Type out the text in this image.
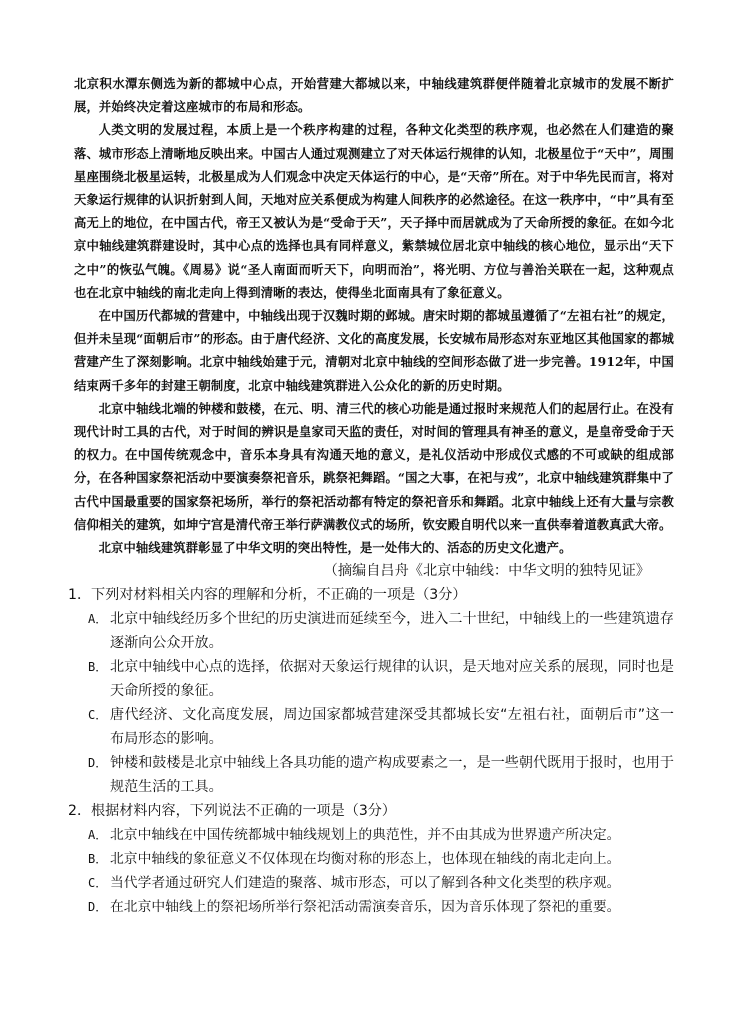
北京积水潭东侧选为新的都城中心点，开始营建大都城以来，中轴线建筑群便伴随着北京城市的发展不断扩展，并始终决定着这座城市的布局和形态。

人类文明的发展过程，本质上是一个秩序构建的过程，各种文化类型的秩序观，也必然在人们建造的聚落、城市形态上清晰地反映出来。中国古人通过观测建立了对天体运行规律的认知，北极星位于“天中”，周围星座围绕北极星运转，北极星成为人们观念中决定天体运行的中心，是“天帝”所在。对于中华先民而言，将对天象运行规律的认识折射到人间，天地对应关系便成为构建人间秩序的必然途径。在这一秩序中，“中”具有至高无上的地位，在中国古代，帝王又被认为是“受命于天”，天子择中而居就成为了天命所授的象征。在如今北京中轴线建筑群建设时，其中心点的选择也具有同样意义，紫禁城位居北京中轴线的核心地位，显示出“天下之中”的恢弘气魄。《周易》说“圣人南面而听天下，向明而治”，将光明、方位与善治关联在一起，这种观点也在北京中轴线的南北走向上得到清晰的表达，使得坐北面南具有了象征意义。

在中国历代都城的营建中，中轴线出现于汉魏时期的邺城。唐宋时期的都城虽遵循了“左祖右社”的规定，但并未呈现“面朝后市”的形态。由于唐代经济、文化的高度发展，长安城布局形态对东亚地区其他国家的都城营建产生了深刻影响。北京中轴线始建于元，清朝对北京中轴线的空间形态做了进一步完善。1912年，中国结束两千多年的封建王朝制度，北京中轴线建筑群进入公众化的新的历史时期。

北京中轴线北端的钟楼和鼓楼，在元、明、清三代的核心功能是通过报时来规范人们的起居行止。在没有现代计时工具的古代，对于时间的辨识是皇家司天监的责任，对时间的管理具有神圣的意义，是皇帝受命于天的权力。在中国传统观念中，音乐本身具有沟通天地的意义，是礼仪活动中形成仪式感的不可或缺的组成部分，在各种国家祭祀活动中要演奏祭祀音乐，跳祭祀舞蹈。“国之大事，在祀与戎”，北京中轴线建筑群集中了古代中国最重要的国家祭祀场所，举行的祭祀活动都有特定的祭祀音乐和舞蹈。北京中轴线上还有大量与宗教信仰相关的建筑，如坤宁宫是清代帝王举行萨满教仪式的场所，钦安殿自明代以来一直供奉着道教真武大帝。

北京中轴线建筑群彰显了中华文明的突出特性，是一处伟大的、活态的历史文化遗产。

（摘编自吕舟《北京中轴线：中华文明的独特见证》
1．下列对材料相关内容的理解和分析，不正确的一项是（3分）
A． 北京中轴线经历多个世纪的历史演进而延续至今，进入二十世纪，中轴线上的一些建筑遗存逐渐向公众开放。
B． 北京中轴线中心点的选择，依据对天象运行规律的认识，是天地对应关系的展现，同时也是天命所授的象征。
C． 唐代经济、文化高度发展，周边国家都城营建深受其都城长安“左祖右社，面朝后市”这一布局形态的影响。
D． 钟楼和鼓楼是北京中轴线上各具功能的遗产构成要素之一，是一些朝代既用于报时，也用于规范生活的工具。
2．根据材料内容，下列说法不正确的一项是（3分）
A． 北京中轴线在中国传统都城中轴线规划上的典范性，并不由其成为世界遗产所决定。
B． 北京中轴线的象征意义不仅体现在均衡对称的形态上，也体现在轴线的南北走向上。
C． 当代学者通过研究人们建造的聚落、城市形态，可以了解到各种文化类型的秩序观。
D． 在北京中轴线上的祭祀场所举行祭祀活动需演奏音乐，因为音乐体现了祭祀的重要。
